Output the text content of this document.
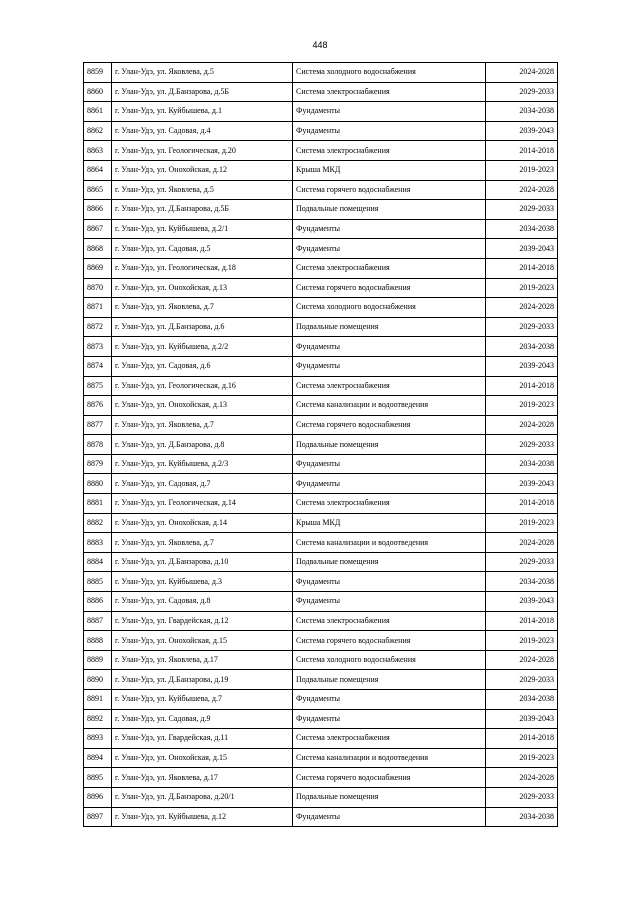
448
8859	г. Улан-Удэ, ул. Яковлева, д.5	Система холодного водоснабжения	2024-2028
8860	г. Улан-Удэ, ул. Д.Банзарова, д.5Б	Система электроснабжения	2029-2033
8861	г. Улан-Удэ, ул. Куйбышева, д.1	Фундаменты	2034-2038
8862	г. Улан-Удэ, ул. Садовая, д.4	Фундаменты	2039-2043
8863	г. Улан-Удэ, ул. Геологическая, д.20	Система электроснабжения	2014-2018
8864	г. Улан-Удэ, ул. Онохойская, д.12	Крыша МКД	2019-2023
8865	г. Улан-Удэ, ул. Яковлева, д.5	Система горячего водоснабжения	2024-2028
8866	г. Улан-Удэ, ул. Д.Банзарова, д.5Б	Подвальные помещения	2029-2033
8867	г. Улан-Удэ, ул. Куйбышева, д.2/1	Фундаменты	2034-2038
8868	г. Улан-Удэ, ул. Садовая, д.5	Фундаменты	2039-2043
8869	г. Улан-Удэ, ул. Геологическая, д.18	Система электроснабжения	2014-2018
8870	г. Улан-Удэ, ул. Онохойская, д.13	Система горячего водоснабжения	2019-2023
8871	г. Улан-Удэ, ул. Яковлева, д.7	Система холодного водоснабжения	2024-2028
8872	г. Улан-Удэ, ул. Д.Банзарова, д.6	Подвальные помещения	2029-2033
8873	г. Улан-Удэ, ул. Куйбышева, д.2/2	Фундаменты	2034-2038
8874	г. Улан-Удэ, ул. Садовая, д.6	Фундаменты	2039-2043
8875	г. Улан-Удэ, ул. Геологическая, д.16	Система электроснабжения	2014-2018
8876	г. Улан-Удэ, ул. Онохойская, д.13	Система канализации и водоотведения	2019-2023
8877	г. Улан-Удэ, ул. Яковлева, д.7	Система горячего водоснабжения	2024-2028
8878	г. Улан-Удэ, ул. Д.Банзарова, д.8	Подвальные помещения	2029-2033
8879	г. Улан-Удэ, ул. Куйбышева, д.2/3	Фундаменты	2034-2038
8880	г. Улан-Удэ, ул. Садовая, д.7	Фундаменты	2039-2043
8881	г. Улан-Удэ, ул. Геологическая, д.14	Система электроснабжения	2014-2018
8882	г. Улан-Удэ, ул. Онохойская, д.14	Крыша МКД	2019-2023
8883	г. Улан-Удэ, ул. Яковлева, д.7	Система канализации и водоотведения	2024-2028
8884	г. Улан-Удэ, ул. Д.Банзарова, д.10	Подвальные помещения	2029-2033
8885	г. Улан-Удэ, ул. Куйбышева, д.3	Фундаменты	2034-2038
8886	г. Улан-Удэ, ул. Садовая, д.8	Фундаменты	2039-2043
8887	г. Улан-Удэ, ул. Гвардейская, д.12	Система электроснабжения	2014-2018
8888	г. Улан-Удэ, ул. Онохойская, д.15	Система горячего водоснабжения	2019-2023
8889	г. Улан-Удэ, ул. Яковлева, д.17	Система холодного водоснабжения	2024-2028
8890	г. Улан-Удэ, ул. Д.Банзарова, д.19	Подвальные помещения	2029-2033
8891	г. Улан-Удэ, ул. Куйбышева, д.7	Фундаменты	2034-2038
8892	г. Улан-Удэ, ул. Садовая, д.9	Фундаменты	2039-2043
8893	г. Улан-Удэ, ул. Гвардейская, д.11	Система электроснабжения	2014-2018
8894	г. Улан-Удэ, ул. Онохойская, д.15	Система канализации и водоотведения	2019-2023
8895	г. Улан-Удэ, ул. Яковлева, д.17	Система горячего водоснабжения	2024-2028
8896	г. Улан-Удэ, ул. Д.Банзарова, д.20/1	Подвальные помещения	2029-2033
8897	г. Улан-Удэ, ул. Куйбышева, д.12	Фундаменты	2034-2038
